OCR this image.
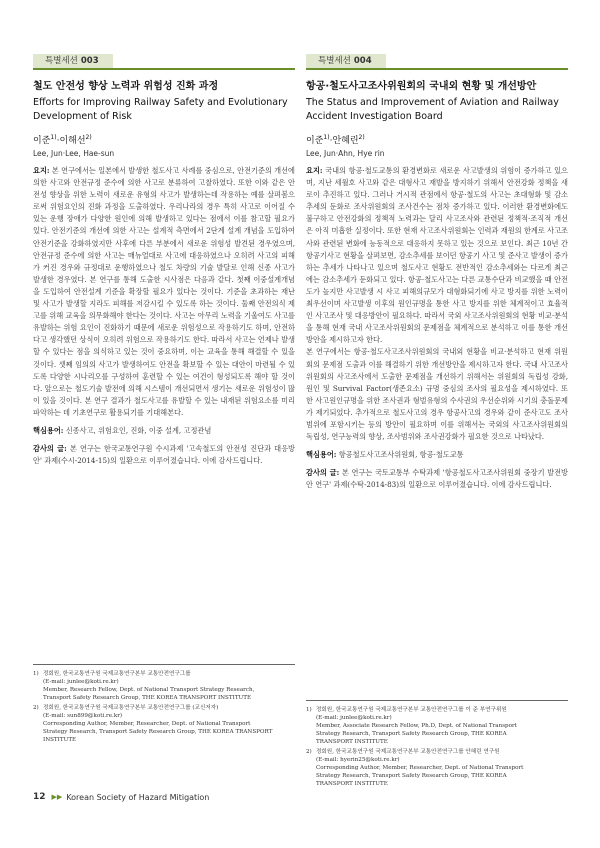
특별세션 003
철도 안전성 향상 노력과 위험성 진화 과정
Efforts for Improving Railway Safety and Evolutionary
Development of Risk
이준$^{1)}$·이해선$^{2)}$
Lee, Jun·Lee, Hae-sun

요지: 본 연구에서는 일본에서 발생한 철도사고 사례를 중심으로, 안전기준의 개선에 의한 사고와 안전규정 준수에 의한 사고로 분류하여 고찰하였다. 또한 이와 같은 안전성 향상을 위한 노력이 새로운 유형의 사고가 발생하는데 작용하는 예를 살펴봄으로써 위험요인의 진화 과정을 도출하였다. 우리나라의 경우 특히 사고로 이어질 수 있는 운행 장애가 다양한 원인에 의해 발생하고 있다는 점에서 이를 참고할 필요가 있다. 안전기준의 개선에 의한 사고는 설계적 측면에서 2단계 설계 개념을 도입하여 안전기준을 강화하였지만 사후에 다른 부분에서 새로운 위험성 발견된 경우였으며, 안전규정 준수에 의한 사고는 매뉴얼대로 사고에 대응하였으나 오히려 사고의 피해가 커진 경우와 규정대로 운행하였으나 철도 차량의 기술 발달로 인해 신종 사고가 발생한 경우였다. 본 연구를 통해 도출한 시사점은 다음과 같다. 첫째 이중설계개념을 도입하여 안전설계 기준을 확장할 필요가 있다는 것이다. 기준을 초과하는 재난 및 사고가 발생할 지라도 피해를 저감시킬 수 있도록 하는 것이다. 둘째 안전의식 제고를 위해 교육을 의무화해야 한다는 것이다. 사고는 아무리 노력을 기울여도 사고를 유발하는 위험 요인이 진화하기 때문에 새로운 위험성으로 작용하기도 하며, 안전하다고 생각했던 상식이 오히려 위험으로 작용하기도 한다. 따라서 사고는 언제나 발생할 수 있다는 점을 의식하고 있는 것이 중요하며, 이는 교육을 통해 해결할 수 있을 것이다. 셋째 임의의 사고가 발생하여도 안전을 확보할 수 있는 대안이 마련될 수 있도록 다양한 시나리오를 구성하여 훈련할 수 있는 여건이 형성되도록 해야 할 것이다. 앞으로는 철도기술 발전에 의해 시스템이 개선되면서 생기는 새로운 위험성이 많이 있을 것이다. 본 연구 결과가 철도사고를 유발할 수 있는 내재된 위험요소를 미리 파악하는 데 기초연구로 활용되기를 기대해본다.

핵심용어: 신종사고, 위험요인, 진화, 이중 설계, 고정관념
감사의 글: 본 연구는 한국교통연구원 수시과제 '고속철도의 안전성 진단과 대응방안' 과제(수시-2014-15)의 일환으로 이루어졌습니다. 이에 감사드립니다.
1) 정회원, 한국교통연구원 국제교통연구본부 교통안전연구그룹
(E-mail: junlee@koti.re.kr)
Member, Research Fellow, Dept. of National Transport Strategy Research,
Transport Safety Research Group, THE KOREA TRANSPORT INSTITUTE
2) 정회원, 한국교통연구원 국제교통연구본부 교통안전연구그룹 (교신저자)
(E-mail: sun899@koti.re.kr)
Corresponding Author, Member, Researcher, Dept. of National Transport
Strategy Research, Transport Safety Research Group, THE KOREA TRANSPORT INSTITUTE
특별세션 004
항공·철도사고조사위원회의 국내외 현황 및 개선방안
The Status and Improvement of Aviation and Railway
Accident Investigation Board
이준$^{1)}$·안혜린$^{2)}$
Lee, Jun·Ahn, Hye rin

요지: 국내의 항공·철도교통의 환경변화로 새로운 사고발생의 위험이 증가하고 있으며, 지난 세월호 사고와 같은 대형사고 재발을 방지하기 위해서 안전강화 정책을 새로이 추진하고 있다. 그러나 거시적 관점에서 항공·철도의 사고는 초대형화 및 감소 추세의 둔화로 조사위원회의 조사건수는 점차 증가하고 있다. 이러한 환경변화에도 불구하고 안전강화의 정책적 노력과는 달리 사고조사와 관련된 정책적·조직적 개선은 아직 미흡한 실정이다. 또한 현재 사고조사위원회는 인력과 재원의 한계로 사고조사와 관련된 변화에 능동적으로 대응하지 못하고 있는 것으로 보인다. 최근 10년 간 항공기사고 현황을 살펴보면, 감소추세를 보이던 항공기 사고 및 준사고 발생이 증가하는 추세가 나타나고 있으며 철도사고 현황도 전반적인 감소추세와는 다르게 최근에는 감소추세가 둔화되고 있다. 항공·철도사고는 다른 교통수단과 비교했을 때 안전도가 높지만 사고발생 시 사고 피해의규모가 대형화되기에 사고 방지를 위한 노력이 최우선이며 사고발생 이후의 원인규명을 통한 사고 방지를 위한 체계적이고 효율적인 사고조사 및 대응방안이 필요하다. 따라서 국외 사고조사위원회의 현황 비교·분석을 통해 현재 국내 사고조사위원회의 문제점을 체계적으로 분석하고 이를 통한 개선방안을 제시하고자 한다.

본 연구에서는 항공·철도사고조사위원회의 국내외 현황을 비교·분석하고 현재 위원회의 문제점 도출과 이를 해결하기 위한 개선방안을 제시하고자 한다. 국내 사고조사위원회의 사고조사에서 도출한 문제점을 개선하기 위해서는 위원회의 독립성 강화, 원인 및 Survival Factor(생존요소) 규명 중심의 조사의 필요성을 제시하였다. 또한 사고원인규명을 위한 조사권과 형벌유형의 수사권의 우선순위와 시기의 충돌문제가 제기되었다. 추가적으로 철도사고의 경우 항공사고의 경우와 같이 준사고도 조사범위에 포함시키는 등의 방안이 필요하며 이를 위해서는 국외의 사고조사위원회의 독립성, 연구능력의 향상, 조사범위와 조사권강화가 필요한 것으로 나타났다.

핵심용어: 항공철도사고조사위원회, 항공·철도교통
감사의 글: 본 연구는 국토교통부 수탁과제 '항공철도사고조사위원회 중장기 발전방안 연구' 과제(수탁-2014-83)의 일환으로 이루어졌습니다. 이에 감사드립니다.
1) 정회원, 한국교통연구원 국제교통연구본부 교통안전연구그룹 이 준 부연구위원
(E-mail: junlee@koti.re.kr)
Member, Associate Research Fellow, Ph.D, Dept. of National Transport
Strategy Research, Transport Safety Research Group, THE KOREA
TRANSPORT INSTITUTE
2) 정회원, 한국교통연구원 국제교통연구본부 교통안전연구그룹 안혜린 연구원
(E-mail: hyerin25@koti.re.kr)
Corresponding Author, Member, Researcher, Dept. of National Transport
Strategy Research, Transport Safety Research Group, THE KOREA
TRANSPORT INSTITUTE
12 ▶▶ Korean Society of Hazard Mitigation
